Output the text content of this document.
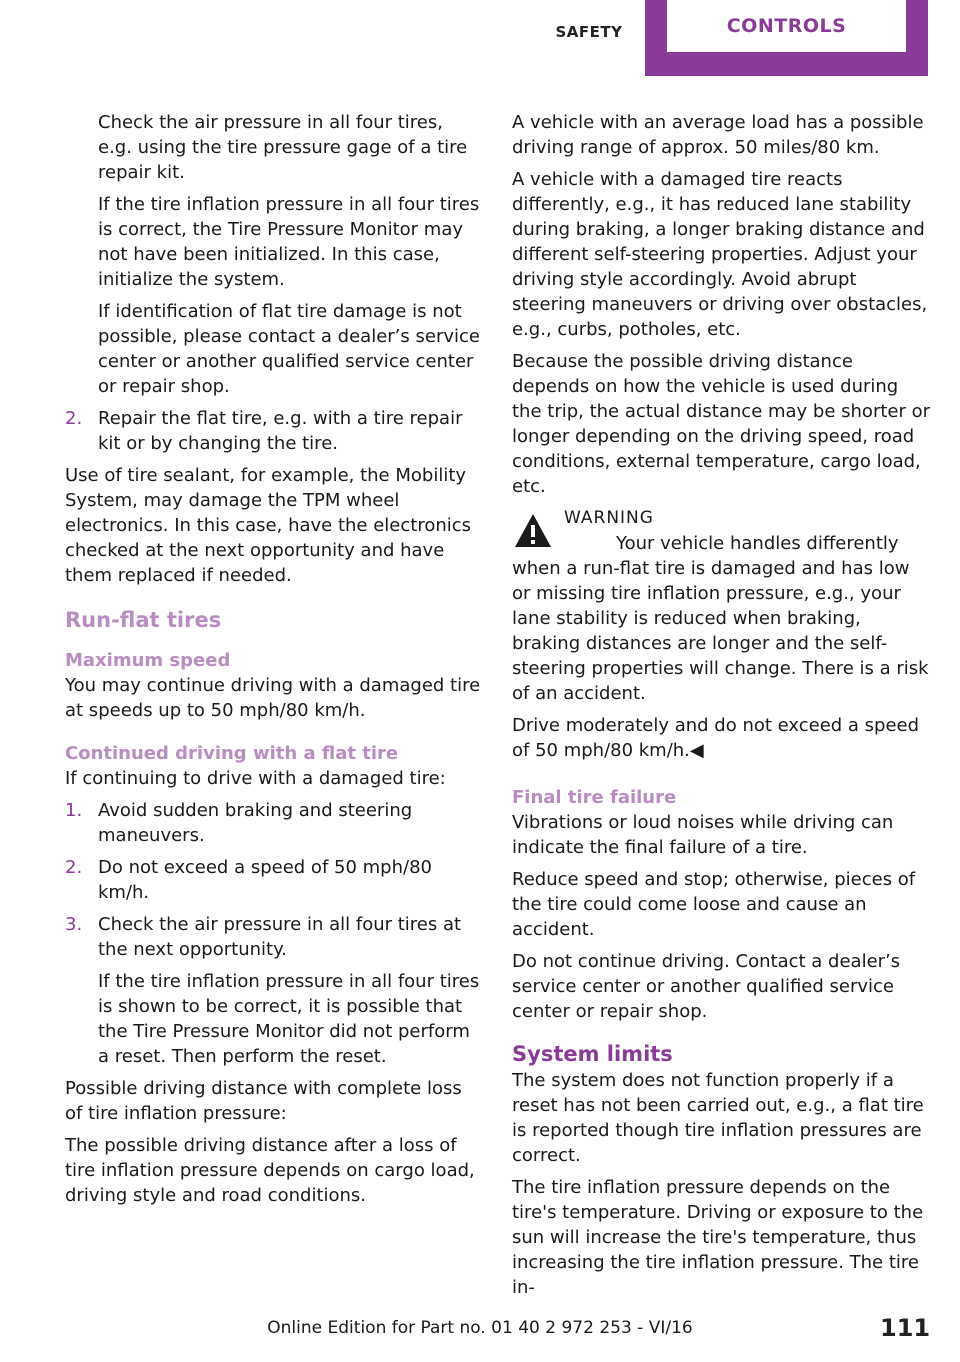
SAFETY	CONTROLS

Check the air pressure in all four tires, e.g. using the tire pressure gage of a tire repair kit.

If the tire inflation pressure in all four tires is correct, the Tire Pressure Monitor may not have been initialized. In this case, initialize the system.

If identification of flat tire damage is not possible, please contact a dealer’s service center or another qualified service center or repair shop.

2. Repair the flat tire, e.g. with a tire repair kit or by changing the tire.

Use of tire sealant, for example, the Mobility System, may damage the TPM wheel electronics. In this case, have the electronics checked at the next opportunity and have them replaced if needed.

Run-flat tires
Maximum speed

You may continue driving with a damaged tire at speeds up to 50 mph/80 km/h.

Continued driving with a flat tire

If continuing to drive with a damaged tire:

1. Avoid sudden braking and steering maneuvers.
2. Do not exceed a speed of 50 mph/80 km/h.
3. Check the air pressure in all four tires at the next opportunity.

If the tire inflation pressure in all four tires is shown to be correct, it is possible that the Tire Pressure Monitor did not perform a reset. Then perform the reset.

Possible driving distance with complete loss of tire inflation pressure:

The possible driving distance after a loss of tire inflation pressure depends on cargo load, driving style and road conditions.

A vehicle with an average load has a possible driving range of approx. 50 miles/80 km.

A vehicle with a damaged tire reacts differently, e.g., it has reduced lane stability during braking, a longer braking distance and different self-steering properties. Adjust your driving style accordingly. Avoid abrupt steering maneuvers or driving over obstacles, e.g., curbs, potholes, etc.

Because the possible driving distance depends on how the vehicle is used during the trip, the actual distance may be shorter or longer depending on the driving speed, road conditions, external temperature, cargo load, etc.

WARNING

Your vehicle handles differently when a run-flat tire is damaged and has low or missing tire inflation pressure, e.g., your lane stability is reduced when braking, braking distances are longer and the self-steering properties will change. There is a risk of an accident.

Drive moderately and do not exceed a speed of 50 mph/80 km/h.◀

Final tire failure

Vibrations or loud noises while driving can indicate the final failure of a tire.

Reduce speed and stop; otherwise, pieces of the tire could come loose and cause an accident.

Do not continue driving. Contact a dealer’s service center or another qualified service center or repair shop.

System limits

The system does not function properly if a reset has not been carried out, e.g., a flat tire is reported though tire inflation pressures are correct.

The tire inflation pressure depends on the tire's temperature. Driving or exposure to the sun will increase the tire's temperature, thus increasing the tire inflation pressure. The tire in-

111
Online Edition for Part no. 01 40 2 972 253 - VI/16
